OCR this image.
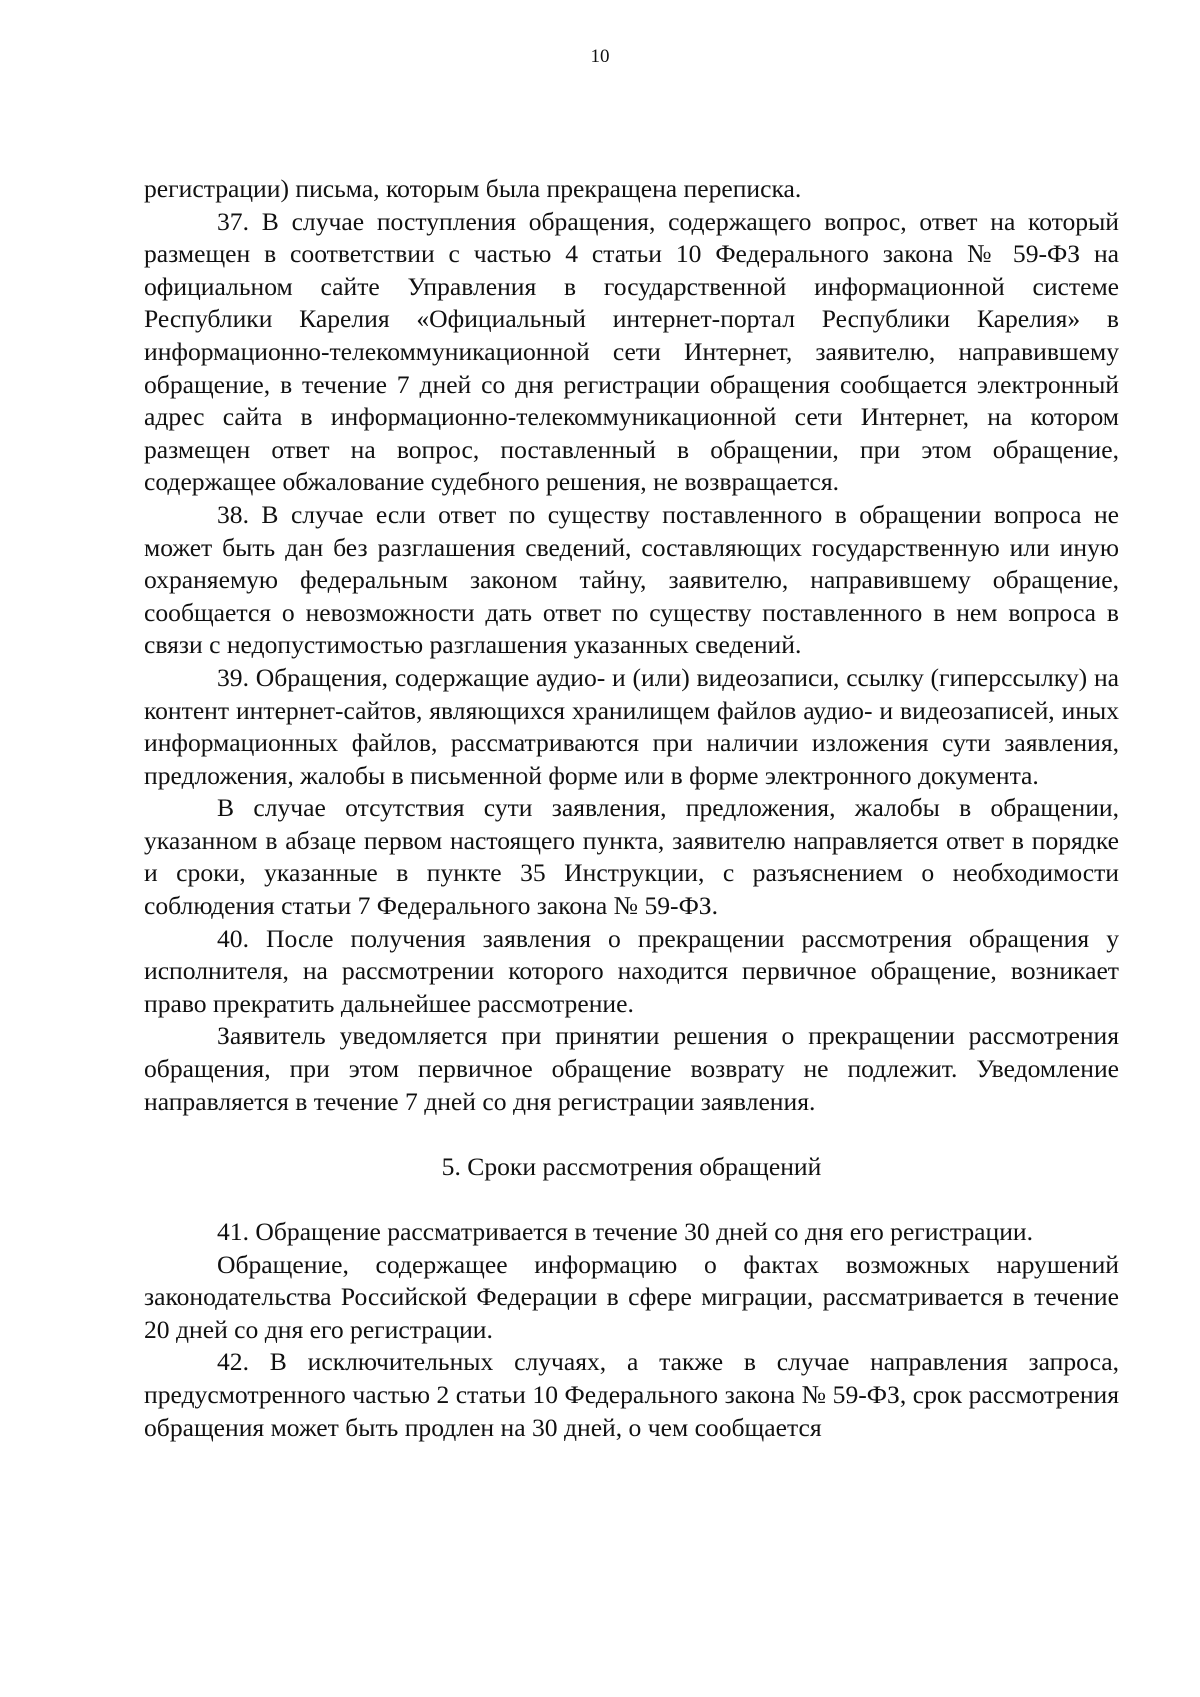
10

регистрации) письма, которым была прекращена переписка.

37. В случае поступления обращения, содержащего вопрос, ответ на который размещен в соответствии с частью 4 статьи 10 Федерального закона № 59-ФЗ на официальном сайте Управления в государственной информационной системе Республики Карелия «Официальный интернет-портал Республики Карелия» в информационно-телекоммуникационной сети Интернет, заявителю, направившему обращение, в течение 7 дней со дня регистрации обращения сообщается электронный адрес сайта в информационно-телекоммуникационной сети Интернет, на котором размещен ответ на вопрос, поставленный в обращении, при этом обращение, содержащее обжалование судебного решения, не возвращается.

38. В случае если ответ по существу поставленного в обращении вопроса не может быть дан без разглашения сведений, составляющих государственную или иную охраняемую федеральным законом тайну, заявителю, направившему обращение, сообщается о невозможности дать ответ по существу поставленного в нем вопроса в связи с недопустимостью разглашения указанных сведений.

39. Обращения, содержащие аудио- и (или) видеозаписи, ссылку (гиперссылку) на контент интернет-сайтов, являющихся хранилищем файлов аудио- и видеозаписей, иных информационных файлов, рассматриваются при наличии изложения сути заявления, предложения, жалобы в письменной форме или в форме электронного документа.

В случае отсутствия сути заявления, предложения, жалобы в обращении, указанном в абзаце первом настоящего пункта, заявителю направляется ответ в порядке и сроки, указанные в пункте 35 Инструкции, с разъяснением о необходимости соблюдения статьи 7 Федерального закона № 59-ФЗ.

40. После получения заявления о прекращении рассмотрения обращения у исполнителя, на рассмотрении которого находится первичное обращение, возникает право прекратить дальнейшее рассмотрение.

Заявитель уведомляется при принятии решения о прекращении рассмотрения обращения, при этом первичное обращение возврату не подлежит. Уведомление направляется в течение 7 дней со дня регистрации заявления.

5. Сроки рассмотрения обращений

41. Обращение рассматривается в течение 30 дней со дня его регистрации.

Обращение, содержащее информацию о фактах возможных нарушений законодательства Российской Федерации в сфере миграции, рассматривается в течение 20 дней со дня его регистрации.

42. В исключительных случаях, а также в случае направления запроса, предусмотренного частью 2 статьи 10 Федерального закона № 59-ФЗ, срок рассмотрения обращения может быть продлен на 30 дней, о чем сообщается
